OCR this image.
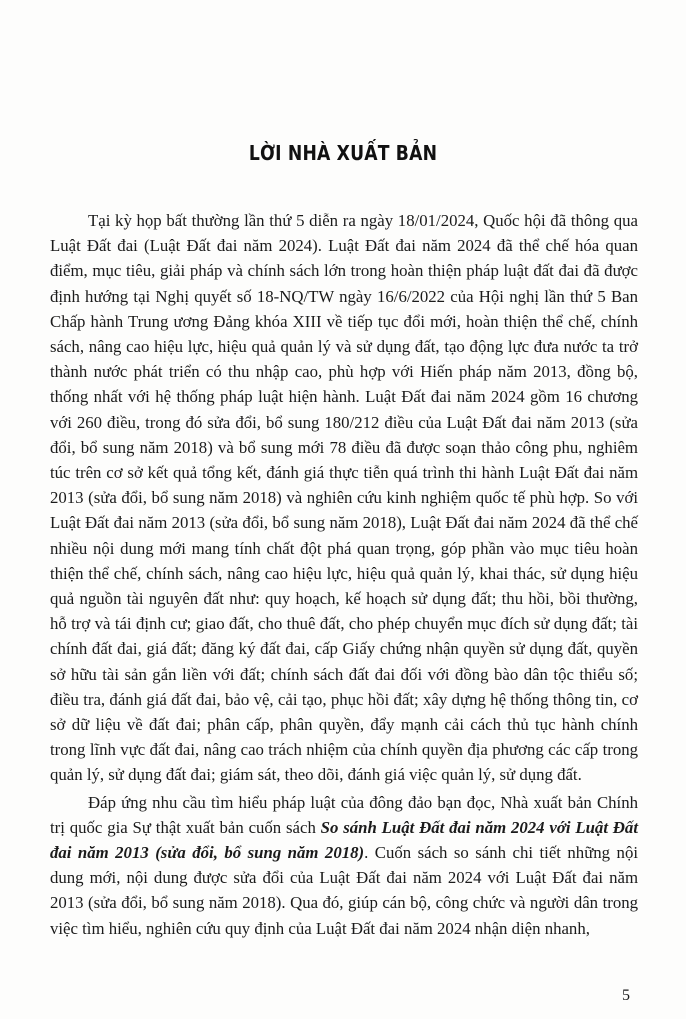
LỜI NHÀ XUẤT BẢN

Tại kỳ họp bất thường lần thứ 5 diễn ra ngày 18/01/2024, Quốc hội đã thông qua Luật Đất đai (Luật Đất đai năm 2024). Luật Đất đai năm 2024 đã thể chế hóa quan điểm, mục tiêu, giải pháp và chính sách lớn trong hoàn thiện pháp luật đất đai đã được định hướng tại Nghị quyết số 18-NQ/TW ngày 16/6/2022 của Hội nghị lần thứ 5 Ban Chấp hành Trung ương Đảng khóa XIII về tiếp tục đổi mới, hoàn thiện thể chế, chính sách, nâng cao hiệu lực, hiệu quả quản lý và sử dụng đất, tạo động lực đưa nước ta trở thành nước phát triển có thu nhập cao, phù hợp với Hiến pháp năm 2013, đồng bộ, thống nhất với hệ thống pháp luật hiện hành. Luật Đất đai năm 2024 gồm 16 chương với 260 điều, trong đó sửa đổi, bổ sung 180/212 điều của Luật Đất đai năm 2013 (sửa đổi, bổ sung năm 2018) và bổ sung mới 78 điều đã được soạn thảo công phu, nghiêm túc trên cơ sở kết quả tổng kết, đánh giá thực tiễn quá trình thi hành Luật Đất đai năm 2013 (sửa đổi, bổ sung năm 2018) và nghiên cứu kinh nghiệm quốc tế phù hợp. So với Luật Đất đai năm 2013 (sửa đổi, bổ sung năm 2018), Luật Đất đai năm 2024 đã thể chế nhiều nội dung mới mang tính chất đột phá quan trọng, góp phần vào mục tiêu hoàn thiện thể chế, chính sách, nâng cao hiệu lực, hiệu quả quản lý, khai thác, sử dụng hiệu quả nguồn tài nguyên đất như: quy hoạch, kế hoạch sử dụng đất; thu hồi, bồi thường, hỗ trợ và tái định cư; giao đất, cho thuê đất, cho phép chuyển mục đích sử dụng đất; tài chính đất đai, giá đất; đăng ký đất đai, cấp Giấy chứng nhận quyền sử dụng đất, quyền sở hữu tài sản gắn liền với đất; chính sách đất đai đối với đồng bào dân tộc thiểu số; điều tra, đánh giá đất đai, bảo vệ, cải tạo, phục hồi đất; xây dựng hệ thống thông tin, cơ sở dữ liệu về đất đai; phân cấp, phân quyền, đẩy mạnh cải cách thủ tục hành chính trong lĩnh vực đất đai, nâng cao trách nhiệm của chính quyền địa phương các cấp trong quản lý, sử dụng đất đai; giám sát, theo dõi, đánh giá việc quản lý, sử dụng đất.

Đáp ứng nhu cầu tìm hiểu pháp luật của đông đảo bạn đọc, Nhà xuất bản Chính trị quốc gia Sự thật xuất bản cuốn sách So sánh Luật Đất đai năm 2024 với Luật Đất đai năm 2013 (sửa đổi, bổ sung năm 2018). Cuốn sách so sánh chi tiết những nội dung mới, nội dung được sửa đổi của Luật Đất đai năm 2024 với Luật Đất đai năm 2013 (sửa đổi, bổ sung năm 2018). Qua đó, giúp cán bộ, công chức và người dân trong việc tìm hiểu, nghiên cứu quy định của Luật Đất đai năm 2024 nhận diện nhanh,

5
